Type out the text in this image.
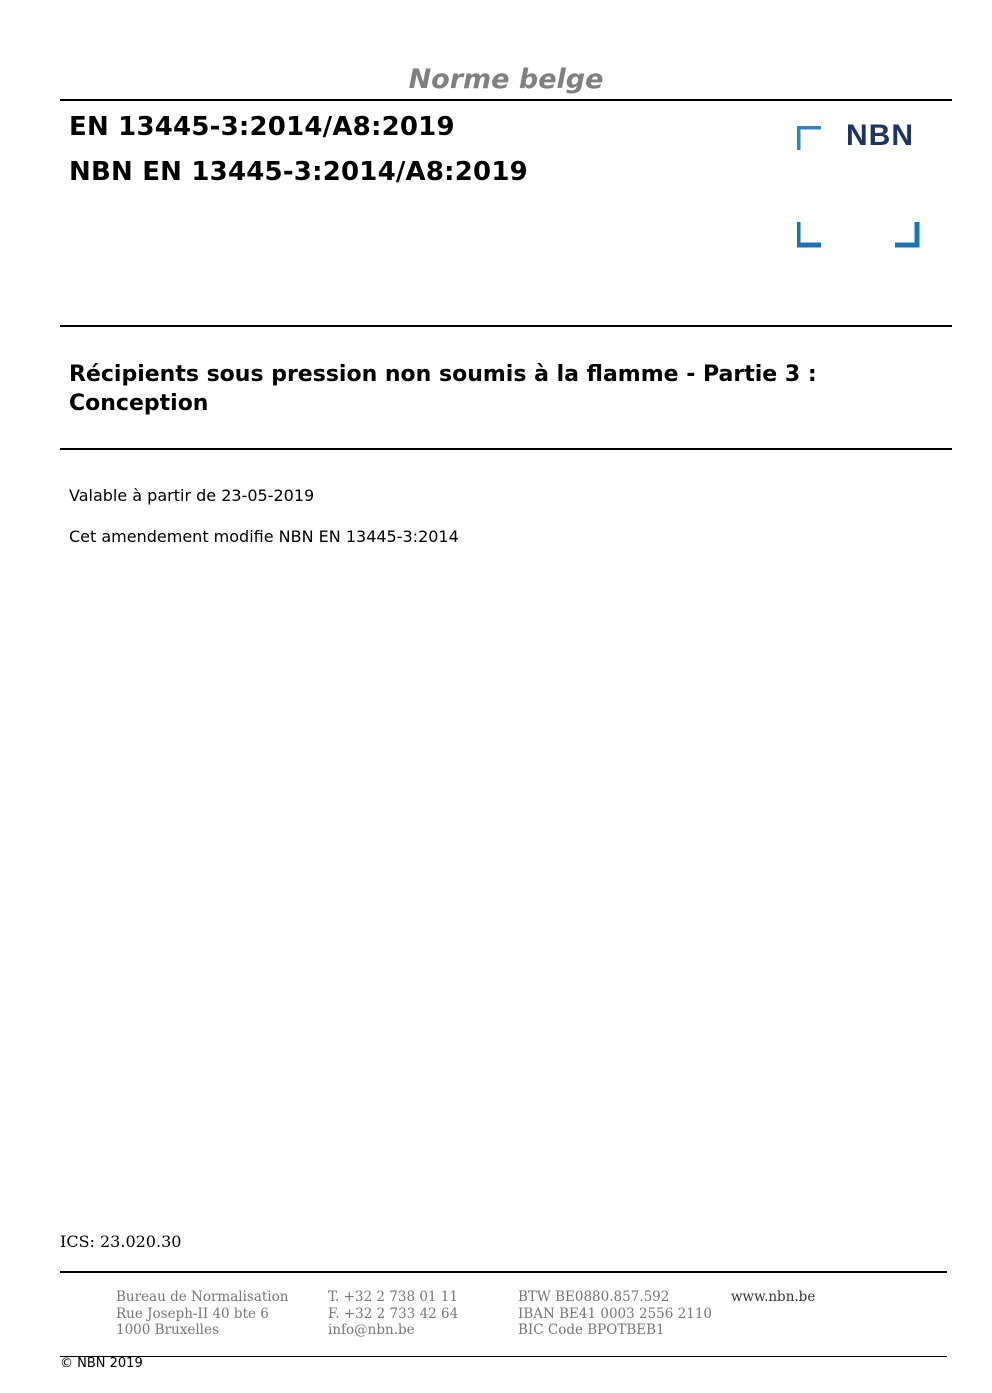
Norme belge
EN 13445-3:2014/A8:2019
NBN EN 13445-3:2014/A8:2019
NBN
Récipients sous pression non soumis à la flamme - Partie 3 : Conception
Valable à partir de 23-05-2019
Cet amendement modifie NBN EN 13445-3:2014
ICS: 23.020.30
Bureau de Normalisation
Rue Joseph-II 40 bte 6
1000 Bruxelles
T. +32 2 738 01 11
F. +32 2 733 42 64
info@nbn.be
BTW BE0880.857.592
IBAN BE41 0003 2556 2110
BIC Code BPOTBEB1
www.nbn.be
© NBN 2019
